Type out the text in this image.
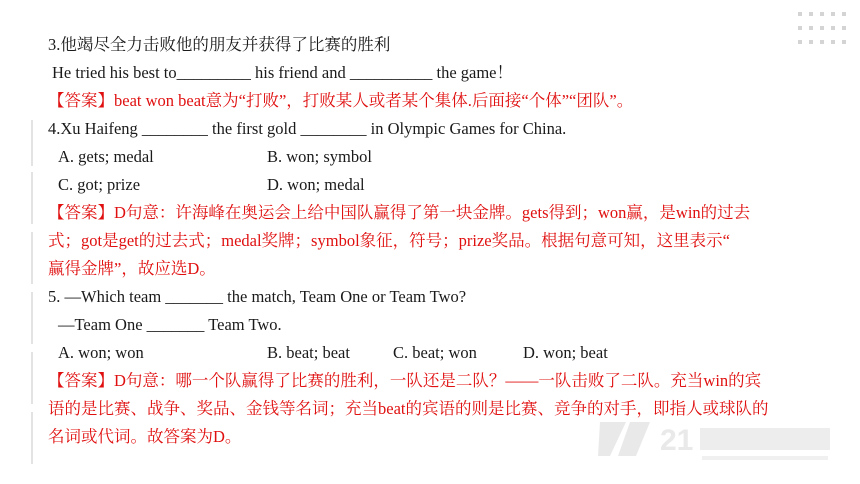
3.他竭尽全力击败他的朋友并获得了比赛的胜利
He tried his best to_________ his friend and __________ the game！
【答案】beat won beat意为“打败”，打败某人或者某个集体.后面接“个体”“团队”。
4.Xu Haifeng ________ the first gold ________ in Olympic Games for China.
A. gets; medal	B. won; symbol
C. got; prize	D. won; medal
【答案】D句意：许海峰在奥运会上给中国队赢得了第一块金牌。gets得到；won赢，是win的过去
式；got是get的过去式；medal奖牌；symbol象征，符号；prize奖品。根据句意可知，这里表示“
赢得金牌”，故应选D。
5. —Which team _______ the match, Team One or Team Two?
—Team One _______ Team Two.
A. won; won	B. beat; beat	C. beat; won	D. won; beat
【答案】D句意：哪一个队赢得了比赛的胜利，一队还是二队？——一队击败了二队。充当win的宾
语的是比赛、战争、奖品、金钱等名词；充当beat的宾语的则是比赛、竞争的对手，即指人或球队的
名词或代词。故答案为D。	21
